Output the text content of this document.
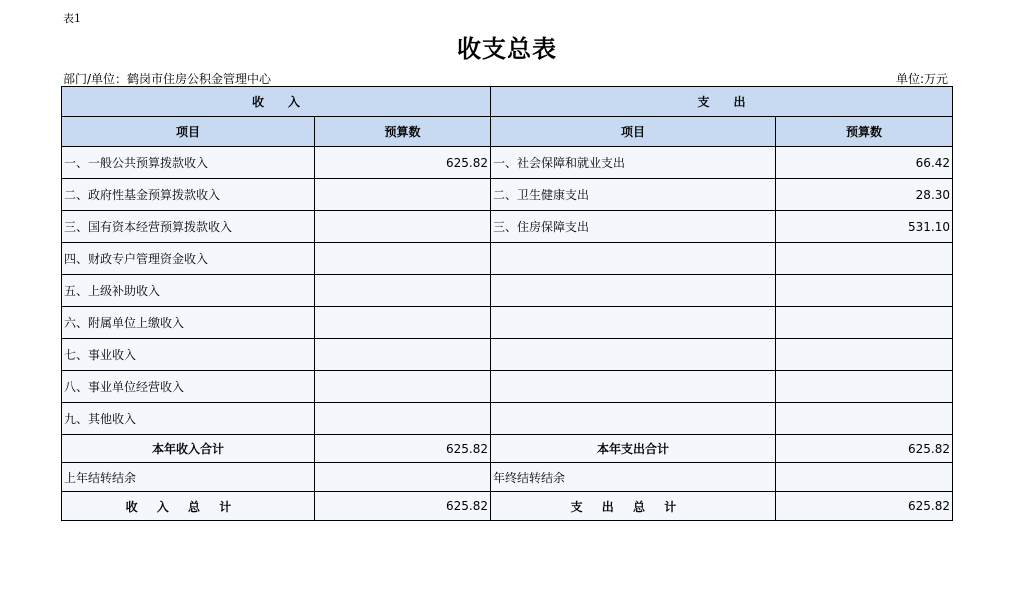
表1
收支总表
部门/单位：鹤岗市住房公积金管理中心	单位:万元
收　　入		支　　出	
项目	预算数	项目	预算数
一、一般公共预算拨款收入	625.82	一、社会保障和就业支出	66.42
二、政府性基金预算拨款收入		二、卫生健康支出	28.30
三、国有资本经营预算拨款收入		三、住房保障支出	531.10
四、财政专户管理资金收入			
五、上级补助收入			
六、附属单位上缴收入			
七、事业收入			
八、事业单位经营收入			
九、其他收入			
本年收入合计	625.82	本年支出合计	625.82
上年结转结余		年终结转结余	
收入总计	625.82	支出总计	625.82
